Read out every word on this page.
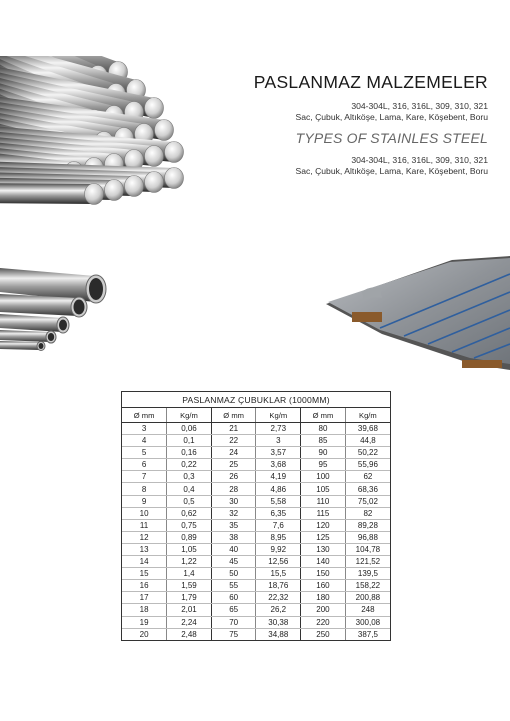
PASLANMAZ MALZEMELER
304-304L, 316, 316L, 309, 310, 321
Sac, Çubuk, Altıköşe, Lama, Kare, Köşebent, Boru
TYPES OF STAINLES STEEL
304-304L, 316, 316L, 309, 310, 321
Sac, Çubuk, Altıköşe, Lama, Kare, Köşebent, Boru
PASLANMAZ ÇUBUKLAR (1000MM)
Ø mm	Kg/m	Ø mm	Kg/m	Ø mm	Kg/m
3	0,06	21	2,73	80	39,68
4	0,1	22	3	85	44,8
5	0,16	24	3,57	90	50,22
6	0,22	25	3,68	95	55,96
7	0,3	26	4,19	100	62
8	0,4	28	4,86	105	68,36
9	0,5	30	5,58	110	75,02
10	0,62	32	6,35	115	82
11	0,75	35	7,6	120	89,28
12	0,89	38	8,95	125	96,88
13	1,05	40	9,92	130	104,78
14	1,22	45	12,56	140	121,52
15	1,4	50	15,5	150	139,5
16	1,59	55	18,76	160	158,22
17	1,79	60	22,32	180	200,88
18	2,01	65	26,2	200	248
19	2,24	70	30,38	220	300,08
20	2,48	75	34,88	250	387,5
